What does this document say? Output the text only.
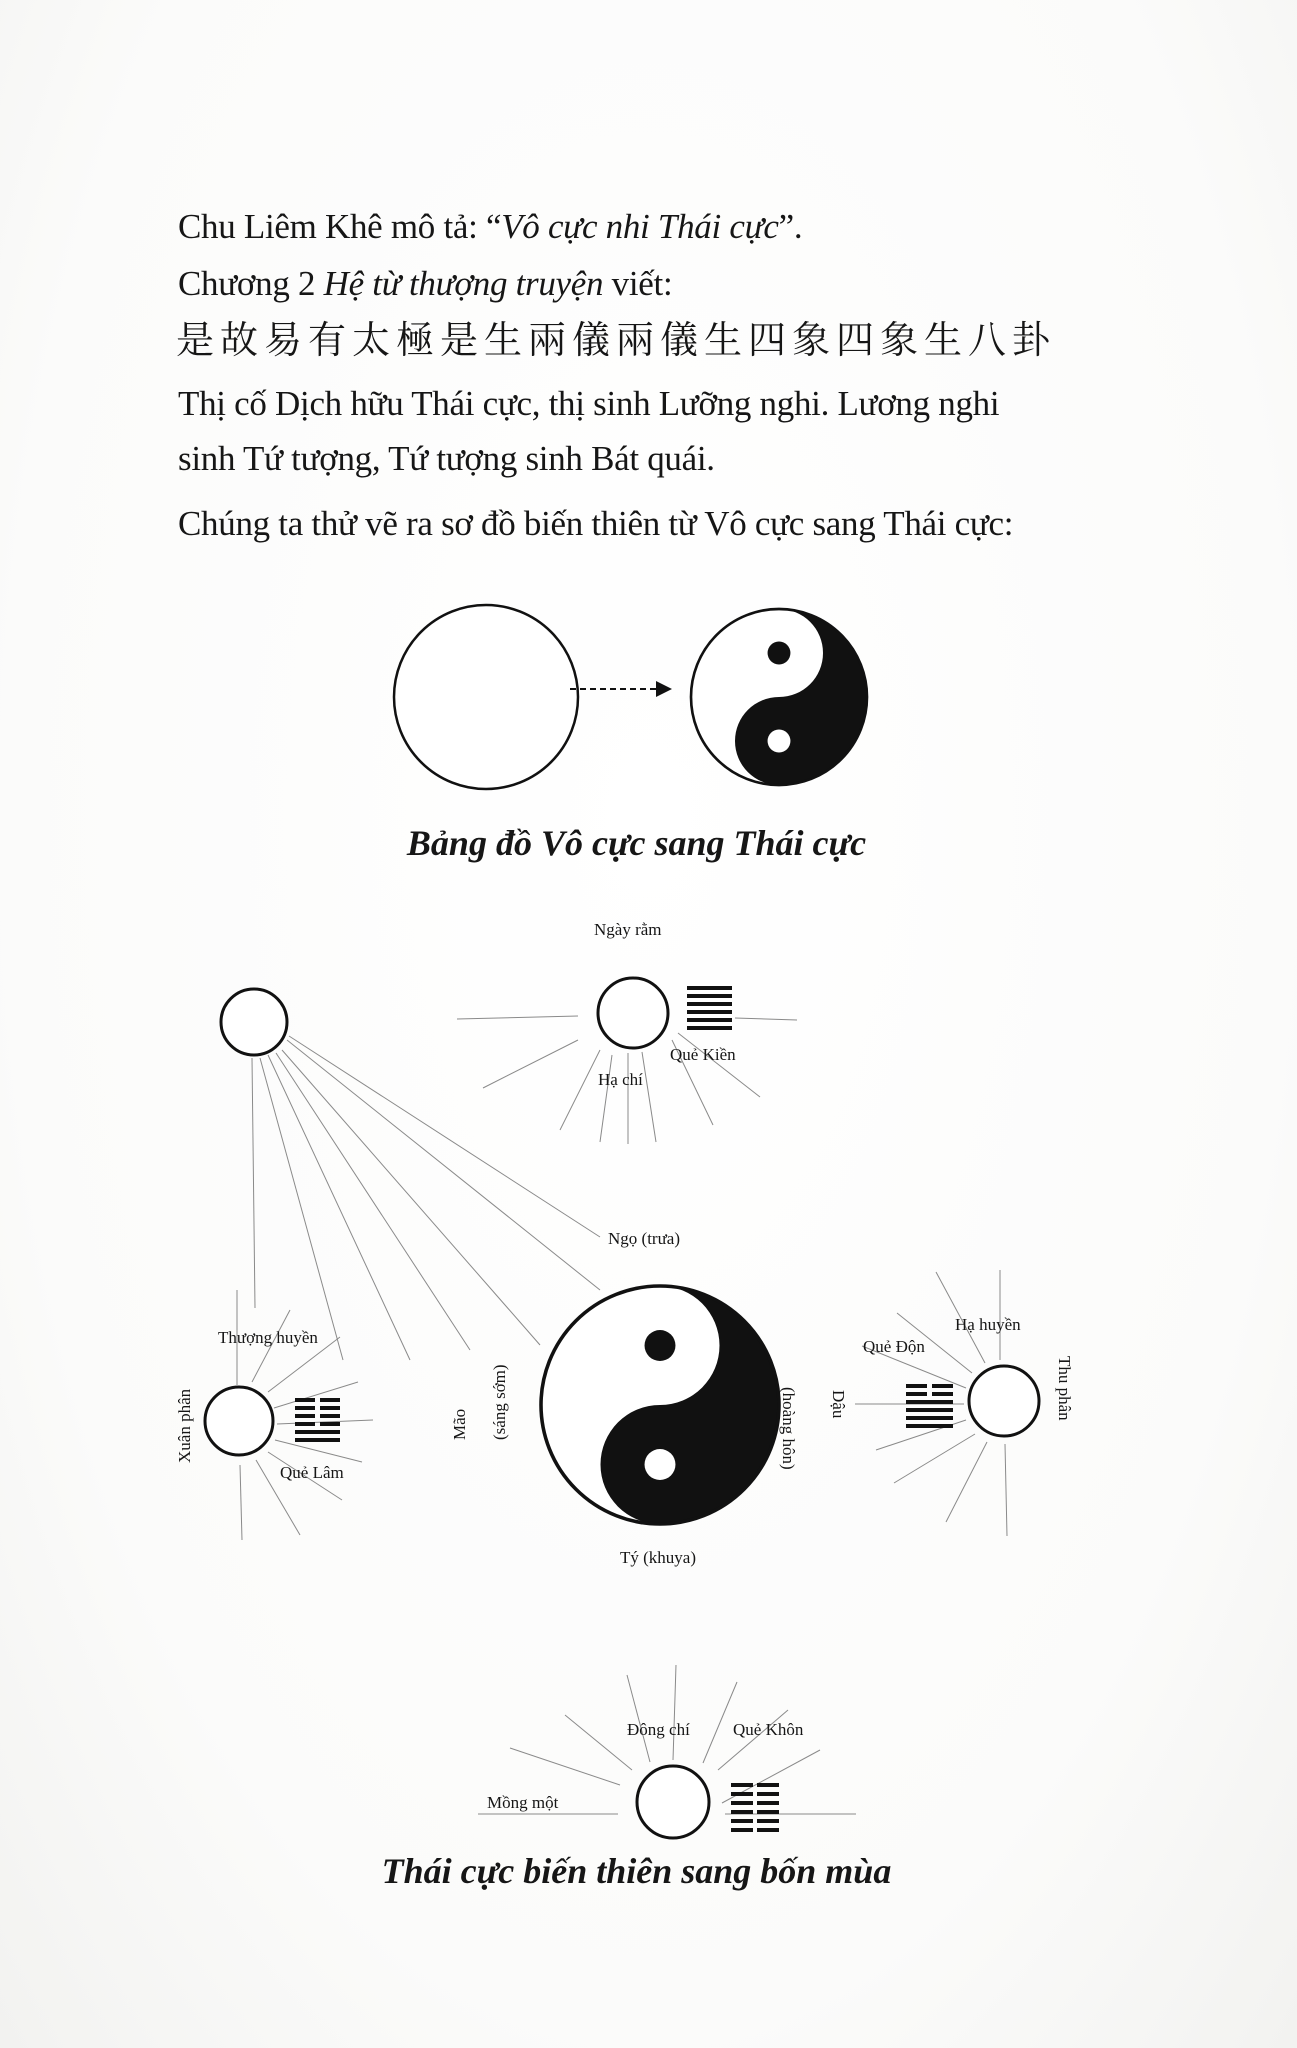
Chu Liêm Khê mô tả: “Vô cực nhi Thái cực”.
Chương 2 Hệ từ thượng truyện viết:
是故易有太極是生兩儀兩儀生四象四象生八卦
Thị cố Dịch hữu Thái cực, thị sinh Lưỡng nghi. Lương nghi
sinh Tứ tượng, Tứ tượng sinh Bát quái.
Chúng ta thử vẽ ra sơ đồ biến thiên từ Vô cực sang Thái cực:
Ngày rằm
Hạ chí
Quẻ Kiền
Ngọ (trưa)
Tý (khuya)
Mão (sáng sớm)	(hoàng hôn) Dậu
Thượng huyền
Xuân phân
Quẻ Lâm
Hạ huyền
Quẻ Độn
Thu phân
Mồng một
Đông chí	Quẻ Khôn
Bảng đồ Vô cực sang Thái cực
Thái cực biến thiên sang bốn mùa
